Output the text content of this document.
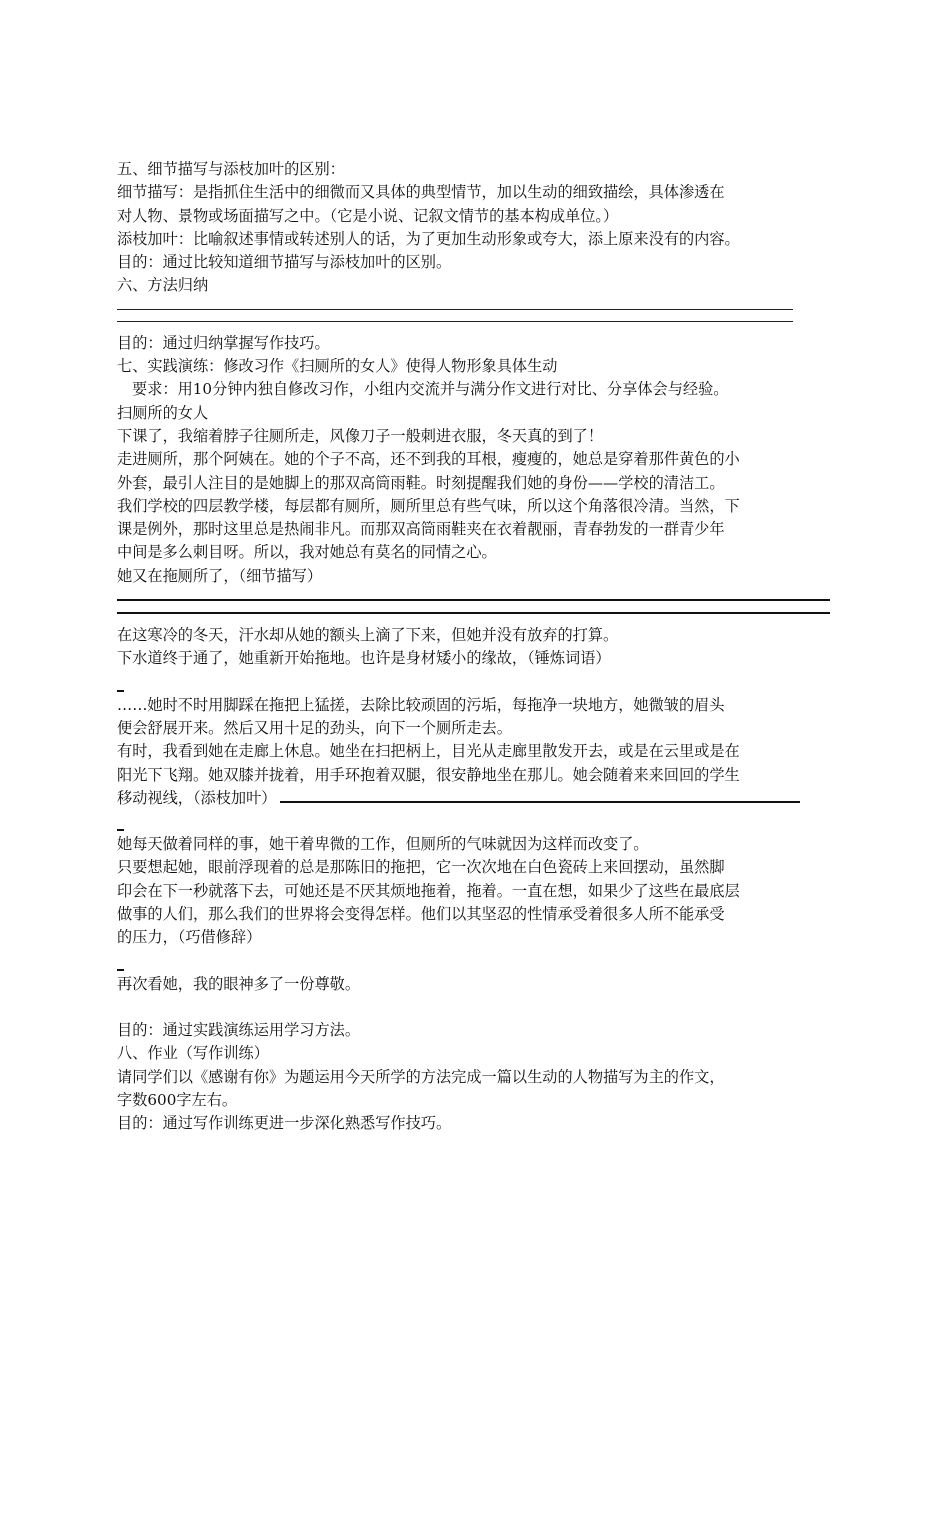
五、细节描写与添枝加叶的区别：
细节描写：是指抓住生活中的细微而又具体的典型情节，加以生动的细致描绘，具体渗透在
对人物、景物或场面描写之中。（它是小说、记叙文情节的基本构成单位。）
添枝加叶：比喻叙述事情或转述别人的话，为了更加生动形象或夸大，添上原来没有的内容。
目的：通过比较知道细节描写与添枝加叶的区别。
六、方法归纳
目的：通过归纳掌握写作技巧。
七、实践演练：修改习作《扫厕所的女人》使得人物形象具体生动
要求：用10分钟内独自修改习作，小组内交流并与满分作文进行对比、分享体会与经验。
扫厕所的女人
下课了，我缩着脖子往厕所走，风像刀子一般刺进衣服，冬天真的到了！
走进厕所，那个阿姨在。她的个子不高，还不到我的耳根，瘦瘦的，她总是穿着那件黄色的小
外套，最引人注目的是她脚上的那双高筒雨鞋。时刻提醒我们她的身份——学校的清洁工。
我们学校的四层教学楼，每层都有厕所，厕所里总有些气味，所以这个角落很冷清。当然，下
课是例外，那时这里总是热闹非凡。而那双高筒雨鞋夹在衣着靓丽，青春勃发的一群青少年
中间是多么刺目呀。所以，我对她总有莫名的同情之心。
她又在拖厕所了，（细节描写）
在这寒冷的冬天，汗水却从她的额头上滴了下来，但她并没有放弃的打算。
下水道终于通了，她重新开始拖地。也许是身材矮小的缘故，（锤炼词语）
……她时不时用脚踩在拖把上猛搓，去除比较顽固的污垢，每拖净一块地方，她微皱的眉头
便会舒展开来。然后又用十足的劲头，向下一个厕所走去。
有时，我看到她在走廊上休息。她坐在扫把柄上，目光从走廊里散发开去，或是在云里或是在
阳光下飞翔。她双膝并拢着，用手环抱着双腿，很安静地坐在那儿。她会随着来来回回的学生
移动视线，（添枝加叶）
她每天做着同样的事，她干着卑微的工作，但厕所的气味就因为这样而改变了。
只要想起她，眼前浮现着的总是那陈旧的拖把，它一次次地在白色瓷砖上来回摆动，虽然脚
印会在下一秒就落下去，可她还是不厌其烦地拖着，拖着。一直在想，如果少了这些在最底层
做事的人们，那么我们的世界将会变得怎样。他们以其坚忍的性情承受着很多人所不能承受
的压力，（巧借修辞）
再次看她，我的眼神多了一份尊敬。
目的：通过实践演练运用学习方法。
八、作业（写作训练）
请同学们以《感谢有你》为题运用今天所学的方法完成一篇以生动的人物描写为主的作文，
字数600字左右。
目的：通过写作训练更进一步深化熟悉写作技巧。
